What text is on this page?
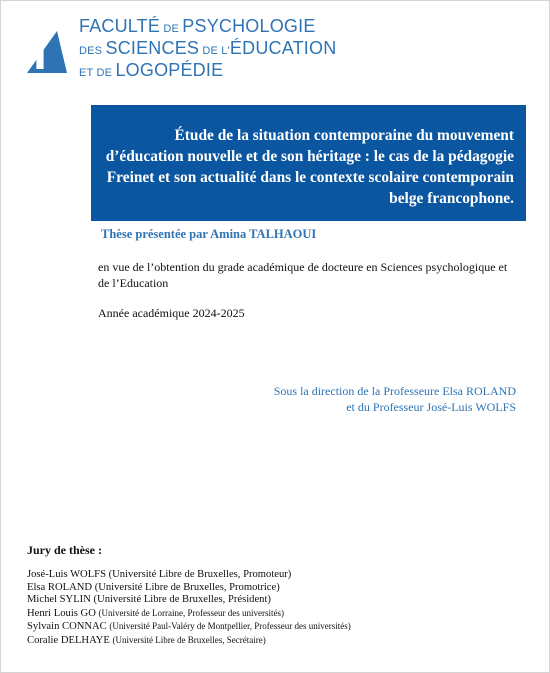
FACULTÉ DE PSYCHOLOGIE
DES SCIENCES DE L'ÉDUCATION
ET DE LOGOPÉDIE
Étude de la situation contemporaine du mouvement d’éducation nouvelle et de son héritage : le cas de la pédagogie Freinet et son actualité dans le contexte scolaire contemporain belge francophone.
Thèse présentée par Amina TALHAOUI
en vue de l’obtention du grade académique de docteure en Sciences psychologique et de l’Education
Année académique 2024-2025
Sous la direction de la Professeure Elsa ROLAND
et du Professeur José-Luis WOLFS
Jury de thèse :
José-Luis WOLFS (Université Libre de Bruxelles, Promoteur)
Elsa ROLAND (Université Libre de Bruxelles, Promotrice)
Michel SYLIN (Université Libre de Bruxelles, Président)
Henri Louis GO (Université de Lorraine, Professeur des universités)
Sylvain CONNAC (Université Paul-Valéry de Montpellier, Professeur des universités)
Coralie DELHAYE (Université Libre de Bruxelles, Secrétaire)
